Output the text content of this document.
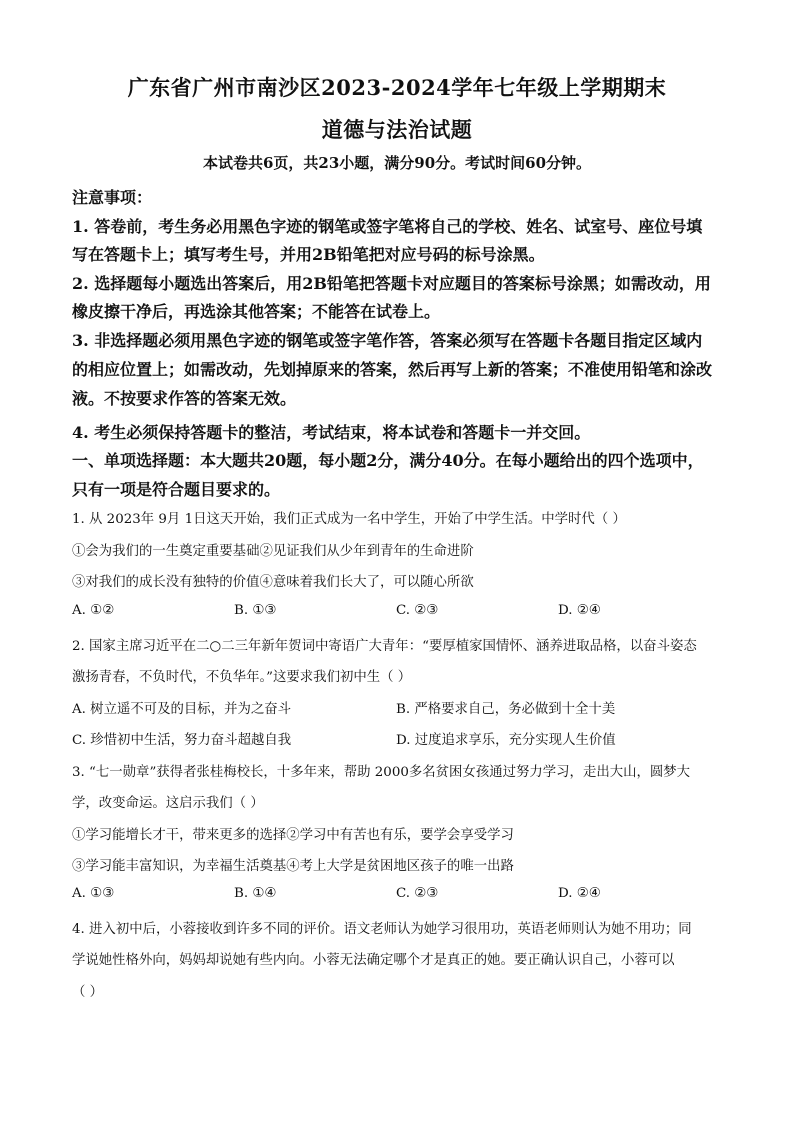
广东省广州市南沙区2023-2024学年七年级上学期期末
道德与法治试题
本试卷共6页，共23小题，满分90分。考试时间60分钟。
注意事项：
1. 答卷前，考生务必用黑色字迹的钢笔或签字笔将自己的学校、姓名、试室号、座位号填
写在答题卡上；填写考生号，并用2B铅笔把对应号码的标号涂黑。
2. 选择题每小题选出答案后，用2B铅笔把答题卡对应题目的答案标号涂黑；如需改动，用
橡皮擦干净后，再选涂其他答案；不能答在试卷上。
3. 非选择题必须用黑色字迹的钢笔或签字笔作答，答案必须写在答题卡各题目指定区域内
的相应位置上；如需改动，先划掉原来的答案，然后再写上新的答案；不准使用铅笔和涂改
液。不按要求作答的答案无效。
4. 考生必须保持答题卡的整洁，考试结束，将本试卷和答题卡一并交回。
一、单项选择题：本大题共20题，每小题2分，满分40分。在每小题给出的四个选项中，
只有一项是符合题目要求的。
1. 从 2023年 9月 1日这天开始，我们正式成为一名中学生，开始了中学生活。中学时代（ ）
①会为我们的一生奠定重要基础②见证我们从少年到青年的生命进阶
③对我们的成长没有独特的价值④意味着我们长大了，可以随心所欲
A. ①②	B. ①③	C. ②③	D. ②④
2. 国家主席习近平在二○二三年新年贺词中寄语广大青年：“要厚植家国情怀、涵养进取品格，以奋斗姿态
激扬青春，不负时代，不负华年。”这要求我们初中生（ ）
A. 树立遥不可及的目标，并为之奋斗	B. 严格要求自己，务必做到十全十美
C. 珍惜初中生活，努力奋斗超越自我	D. 过度追求享乐，充分实现人生价值
3. “七一勋章”获得者张桂梅校长，十多年来，帮助 2000多名贫困女孩通过努力学习，走出大山，圆梦大
学，改变命运。这启示我们（ ）
①学习能增长才干，带来更多的选择②学习中有苦也有乐，要学会享受学习
③学习能丰富知识，为幸福生活奠基④考上大学是贫困地区孩子的唯一出路
A. ①③	B. ①④	C. ②③	D. ②④
4. 进入初中后，小蓉接收到许多不同的评价。语文老师认为她学习很用功，英语老师则认为她不用功；同
学说她性格外向，妈妈却说她有些内向。小蓉无法确定哪个才是真正的她。要正确认识自己，小蓉可以
（ ）
